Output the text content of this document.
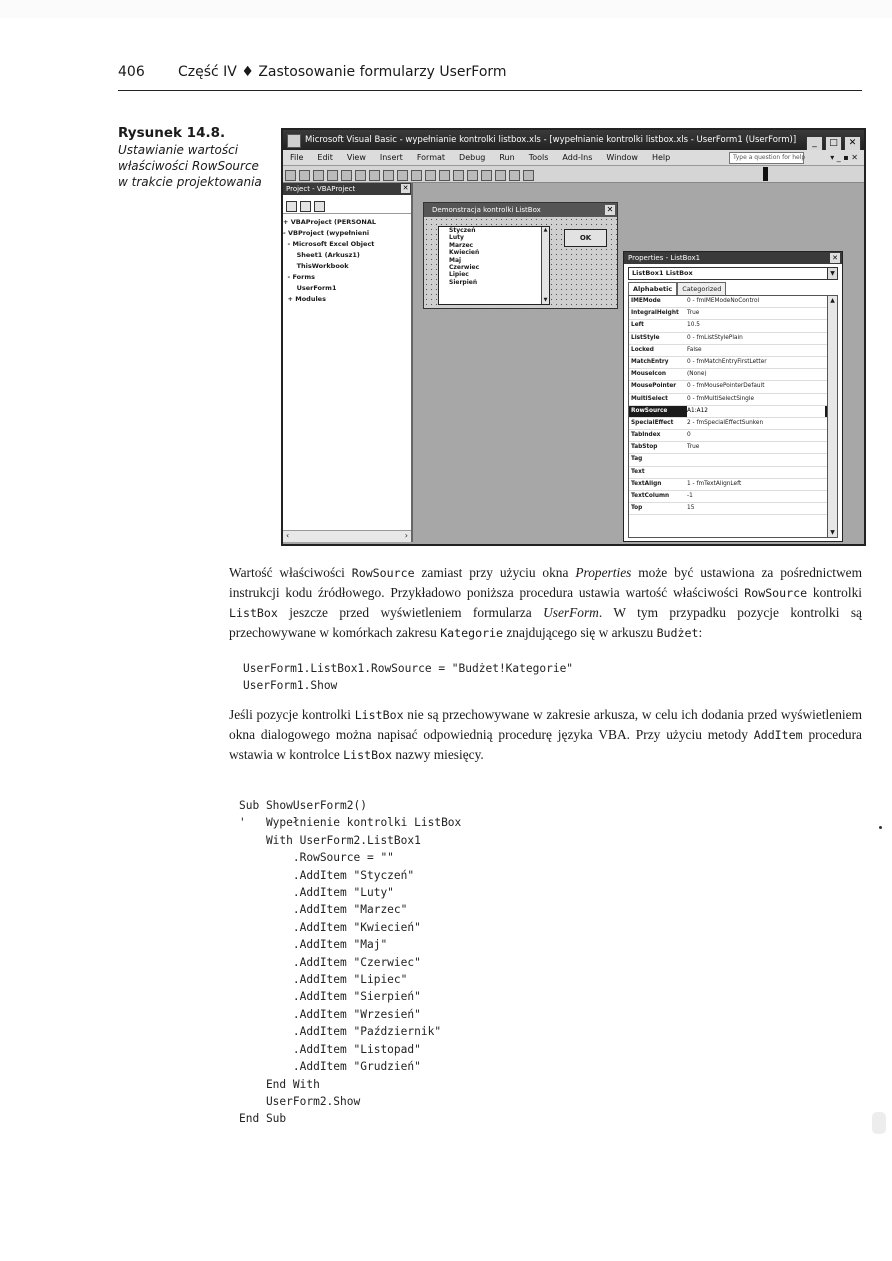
406 Część IV ♦ Zastosowanie formularzy UserForm
Rysunek 14.8.
Ustawianie wartości właściwości RowSource w trakcie projektowania
Microsoft Visual Basic - wypełnianie kontrolki listbox.xls - [wypełnianie kontrolki listbox.xls - UserForm1 (UserForm)]	_ □ ✕
File Edit View Insert Format Debug Run Tools Add-Ins Window Help	Type a question for help	▾ _ ▪ ✕
Project - VBAProject	✕
+ VBAProject (PERSONAL
- VBProject (wypełnieni
- Microsoft Excel Object
Sheet1 (Arkusz1)
ThisWorkbook
- Forms
UserForm1
+ Modules
‹	›
Demonstracja kontrolki ListBox	✕
Styczeń
Luty
Marzec
Kwiecień
Maj
Czerwiec
Lipiec
Sierpień
▲
▼
OK
Properties - ListBox1	✕
ListBox1 ListBox	▼
Alphabetic Categorized
IMEMode	0 - fmIMEModeNoControl
IntegralHeight	True
Left	10.5
ListStyle	0 - fmListStylePlain
Locked	False
MatchEntry	0 - fmMatchEntryFirstLetter
MouseIcon	(None)
MousePointer	0 - fmMousePointerDefault
MultiSelect	0 - fmMultiSelectSingle
RowSource	A1:A12
SpecialEffect	2 - fmSpecialEffectSunken
TabIndex	0
TabStop	True
Tag
Text
TextAlign	1 - fmTextAlignLeft
TextColumn	-1
Top	15
▲
▼

Wartość właściwości RowSource zamiast przy użyciu okna Properties może być ustawiona za pośrednictwem instrukcji kodu źródłowego. Przykładowo poniższa procedura ustawia wartość właściwości RowSource kontrolki ListBox jeszcze przed wyświetleniem formularza UserForm. W tym przypadku pozycje kontrolki są przechowywane w komórkach zakresu Kategorie znajdującego się w arkuszu Budżet:

UserForm1.ListBox1.RowSource = "Budżet!Kategorie"
UserForm1.Show

Jeśli pozycje kontrolki ListBox nie są przechowywane w zakresie arkusza, w celu ich dodania przed wyświetleniem okna dialogowego można napisać odpowiednią procedurę języka VBA. Przy użyciu metody AddItem procedura wstawia w kontrolce ListBox nazwy miesięcy.

Sub ShowUserForm2()
'   Wypełnienie kontrolki ListBox
With UserForm2.ListBox1
.RowSource = ""
.AddItem "Styczeń"
.AddItem "Luty"
.AddItem "Marzec"
.AddItem "Kwiecień"
.AddItem "Maj"
.AddItem "Czerwiec"
.AddItem "Lipiec"
.AddItem "Sierpień"
.AddItem "Wrzesień"
.AddItem "Październik"
.AddItem "Listopad"
.AddItem "Grudzień"
End With
UserForm2.Show
End Sub
